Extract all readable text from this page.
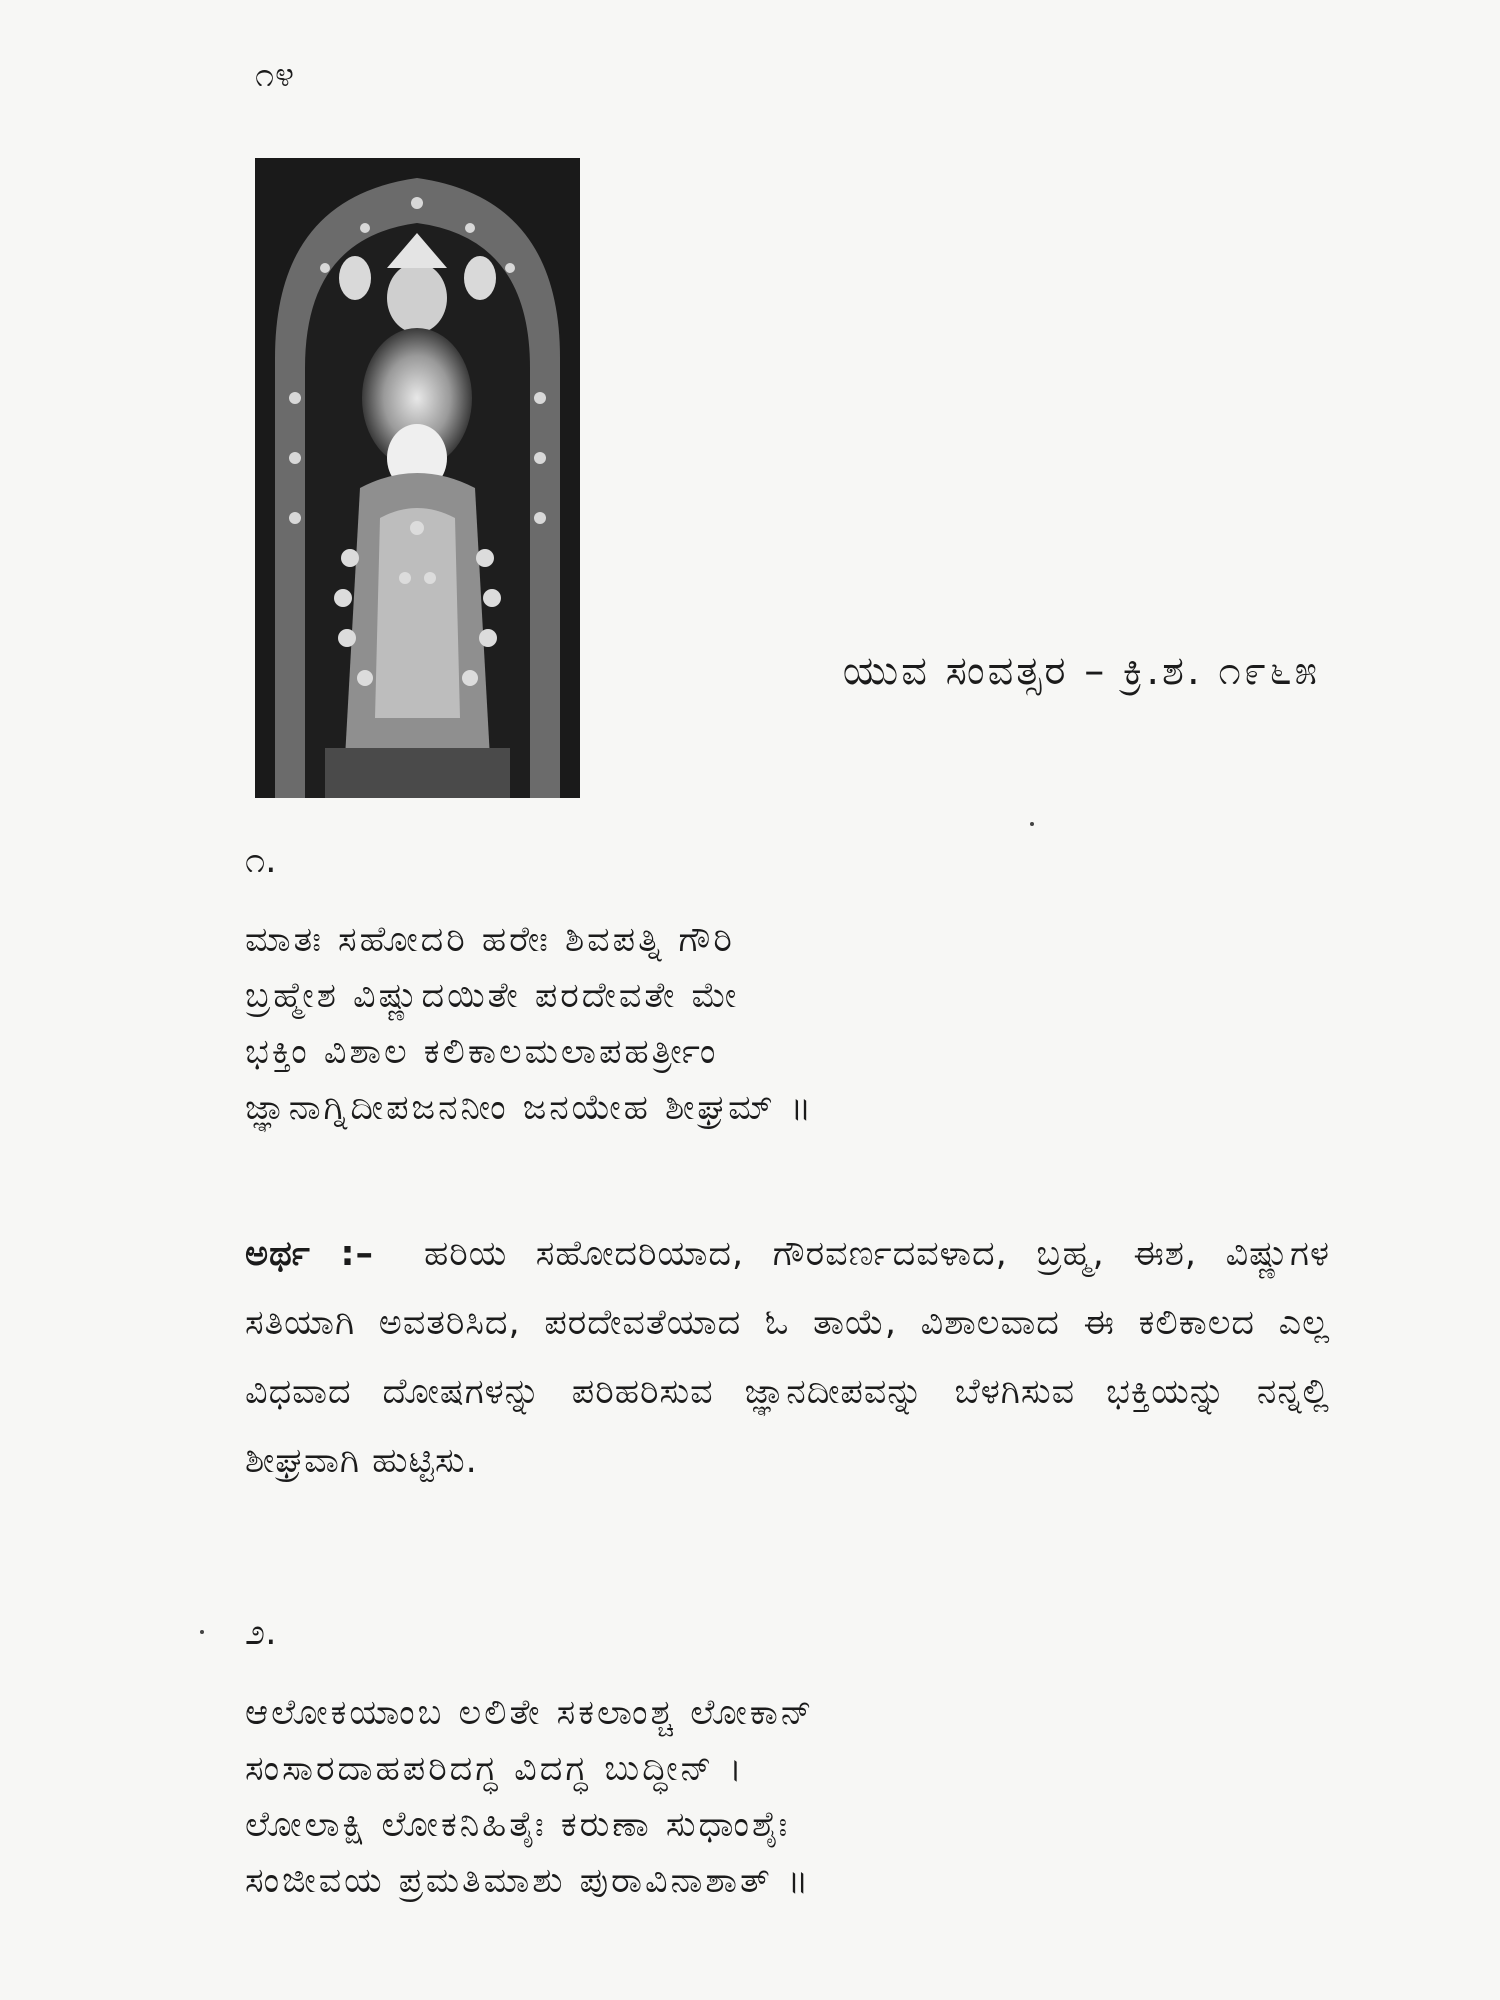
೧೪
ಯುವ ಸಂವತ್ಸರ – ಕ್ರಿ.ಶ. ೧೯೬೫
೧.
ಮಾತಃ ಸಹೋದರಿ ಹರೇಃ ಶಿವಪತ್ನಿ ಗೌರಿ
ಬ್ರಹ್ಮೇಶ ವಿಷ್ಣುದಯಿತೇ ಪರದೇವತೇ ಮೇ
ಭಕ್ತಿಂ ವಿಶಾಲ ಕಲಿಕಾಲಮಲಾಪಹರ್ತ್ರೀಂ
ಜ್ಞಾನಾಗ್ನಿದೀಪಜನನೀಂ ಜನಯೇಹ ಶೀಘ್ರಮ್ ॥
ಅರ್ಥ :– ಹರಿಯ ಸಹೋದರಿಯಾದ, ಗೌರವರ್ಣದವಳಾದ, ಬ್ರಹ್ಮ, ಈಶ, ವಿಷ್ಣುಗಳ ಸತಿಯಾಗಿ ಅವತರಿಸಿದ, ಪರದೇವತೆಯಾದ ಓ ತಾಯೆ, ವಿಶಾಲವಾದ ಈ ಕಲಿಕಾಲದ ಎಲ್ಲ ವಿಧವಾದ ದೋಷಗಳನ್ನು ಪರಿಹರಿಸುವ ಜ್ಞಾನದೀಪವನ್ನು ಬೆಳಗಿಸುವ ಭಕ್ತಿಯನ್ನು ನನ್ನಲ್ಲಿ ಶೀಘ್ರವಾಗಿ ಹುಟ್ಟಿಸು.
೨.
ಆಲೋಕಯಾಂಬ ಲಲಿತೇ ಸಕಲಾಂಶ್ಚ ಲೋಕಾನ್
ಸಂಸಾರದಾಹಪರಿದಗ್ಧ ವಿದಗ್ಧ ಬುದ್ಧೀನ್ ।
ಲೋಲಾಕ್ಷಿ ಲೋಕನಿಹಿತೈಃ ಕರುಣಾ ಸುಧಾಂಶೈಃ
ಸಂಜೀವಯ ಪ್ರಮತಿಮಾಶು ಪುರಾವಿನಾಶಾತ್ ॥
